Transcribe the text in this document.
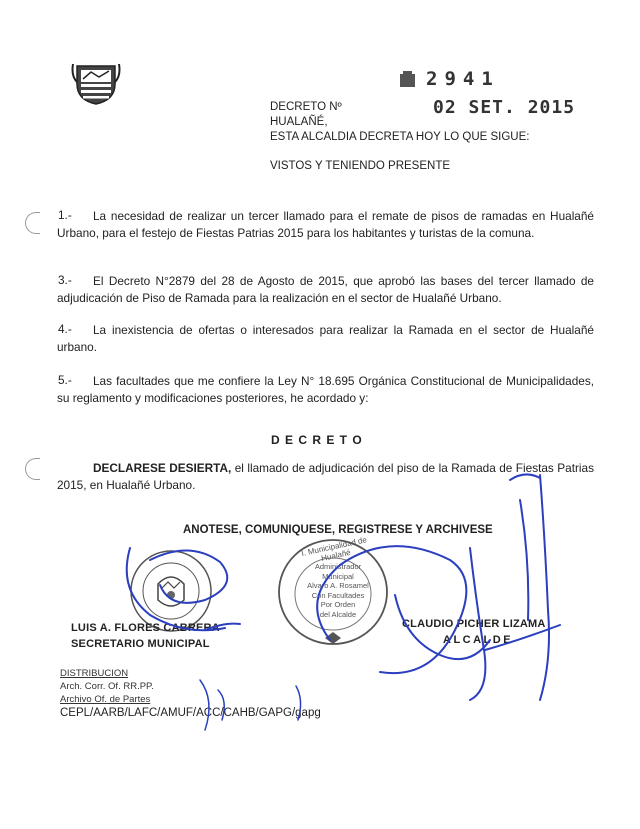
2941
02 SET. 2015
DECRETO Nº
HUALAÑÉ,
ESTA ALCALDIA DECRETA HOY LO QUE SIGUE:
VISTOS Y TENIENDO PRESENTE
1.-	La necesidad de realizar un tercer llamado para el remate de pisos de ramadas en Hualañé Urbano, para el festejo de Fiestas Patrias 2015 para los habitantes y turistas de la comuna.
3.-	El Decreto N°2879 del 28 de Agosto de 2015, que aprobó las bases del tercer llamado de adjudicación de Piso de Ramada para la realización en el sector de Hualañé Urbano.
4.-	La inexistencia de ofertas o interesados para realizar la Ramada en el sector de Hualañé urbano.
5.-	Las facultades que me confiere la Ley N° 18.695 Orgánica Constitucional de Municipalidades, su reglamento y modificaciones posteriores, he acordado y:
D E C R E T O
DECLARESE DESIERTA, el llamado de adjudicación del piso de la Ramada de Fiestas Patrias 2015, en Hualañé Urbano.
ANOTESE, COMUNIQUESE, REGISTRESE Y ARCHIVESE
I. Municipalidad de Hualañé
Administrador
Municipal
Alvaro A. Rosamel
Con Facultades
Por Orden
del Alcalde
LUIS A. FLORES CABRERA
SECRETARIO MUNICIPAL
CLAUDIO PICHER LIZAMA
ALCALDE
DISTRIBUCION
Arch. Corr. Of. RR.PP.
Archivo Of. de Partes
CEPL/AARB/LAFC/AMUF/ACC/CAHB/GAPG/gapg
